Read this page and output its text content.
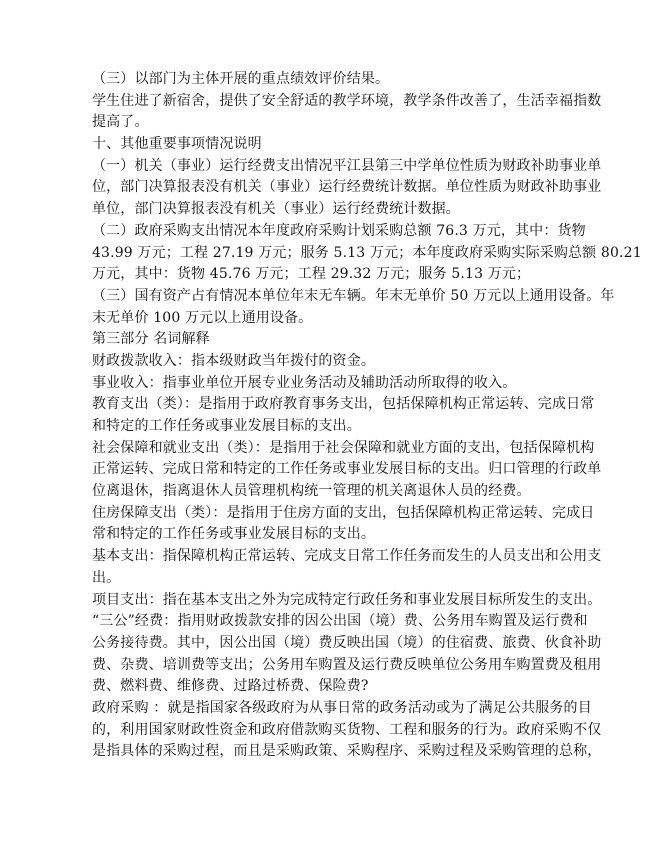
（三）以部门为主体开展的重点绩效评价结果。
学生住进了新宿舍，提供了安全舒适的教学环境，教学条件改善了，生活幸福指数
提高了。
十、其他重要事项情况说明
（一）机关（事业）运行经费支出情况平江县第三中学单位性质为财政补助事业单
位，部门决算报表没有机关（事业）运行经费统计数据。单位性质为财政补助事业
单位，部门决算报表没有机关（事业）运行经费统计数据。
（二）政府采购支出情况本年度政府采购计划采购总额 76.3 万元，其中：货物
43.99 万元；工程 27.19 万元；服务 5.13 万元；本年度政府采购实际采购总额 80.21
万元，其中：货物 45.76 万元；工程 29.32 万元；服务 5.13 万元；
（三）国有资产占有情况本单位年末无车辆。年末无单价 50 万元以上通用设备。年
末无单价 100 万元以上通用设备。
第三部分 名词解释
财政拨款收入：指本级财政当年拨付的资金。
事业收入：指事业单位开展专业业务活动及辅助活动所取得的收入。
教育支出（类）：是指用于政府教育事务支出，包括保障机构正常运转、完成日常
和特定的工作任务或事业发展目标的支出。
社会保障和就业支出（类）：是指用于社会保障和就业方面的支出，包括保障机构
正常运转、完成日常和特定的工作任务或事业发展目标的支出。归口管理的行政单
位离退休，指离退休人员管理机构统一管理的机关离退休人员的经费。
住房保障支出（类）：是指用于住房方面的支出，包括保障机构正常运转、完成日
常和特定的工作任务或事业发展目标的支出。
基本支出：指保障机构正常运转、完成支日常工作任务而发生的人员支出和公用支
出。
项目支出：指在基本支出之外为完成特定行政任务和事业发展目标所发生的支出。
“三公”经费：指用财政拨款安排的因公出国（境）费、公务用车购置及运行费和
公务接待费。其中，因公出国（境）费反映出国（境）的住宿费、旅费、伙食补助
费、杂费、培训费等支出；公务用车购置及运行费反映单位公务用车购置费及租用
费、燃料费、维修费、过路过桥费、保险费?
政府采购 ：就是指国家各级政府为从事日常的政务活动或为了满足公共服务的目
的，利用国家财政性资金和政府借款购买货物、工程和服务的行为。政府采购不仅
是指具体的采购过程，而且是采购政策、采购程序、采购过程及采购管理的总称，
